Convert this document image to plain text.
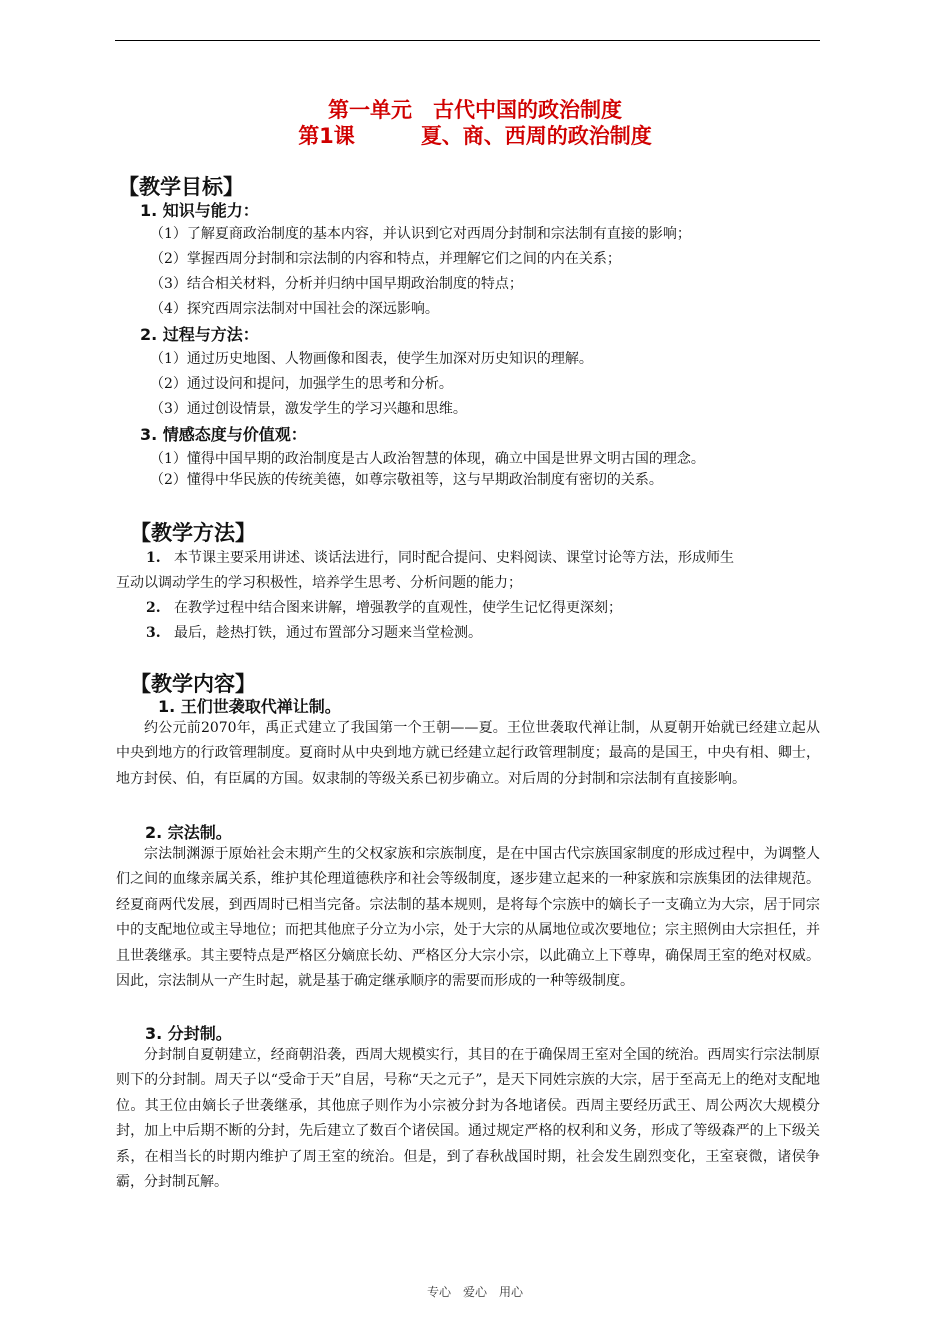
第一单元　古代中国的政治制度
第1课	夏、商、西周的政治制度
【教学目标】
1. 知识与能力：
（1）了解夏商政治制度的基本内容，并认识到它对西周分封制和宗法制有直接的影响；
（2）掌握西周分封制和宗法制的内容和特点，并理解它们之间的内在关系；
（3）结合相关材料，分析并归纳中国早期政治制度的特点；
（4）探究西周宗法制对中国社会的深远影响。
2. 过程与方法：
（1）通过历史地图、人物画像和图表，使学生加深对历史知识的理解。
（2）通过设问和提问，加强学生的思考和分析。
（3）通过创设情景，激发学生的学习兴趣和思维。
3. 情感态度与价值观：
（1）懂得中国早期的政治制度是古人政治智慧的体现，确立中国是世界文明古国的理念。
（2）懂得中华民族的传统美德，如尊宗敬祖等，这与早期政治制度有密切的关系。
【教学方法】
1. 本节课主要采用讲述、谈话法进行，同时配合提问、史料阅读、课堂讨论等方法，形成师生
互动以调动学生的学习积极性，培养学生思考、分析问题的能力；
2. 在教学过程中结合图来讲解，增强教学的直观性，使学生记忆得更深刻；
3. 最后，趁热打铁，通过布置部分习题来当堂检测。
【教学内容】
1. 王们世袭取代禅让制。

约公元前2070年，禹正式建立了我国第一个王朝——夏。王位世袭取代禅让制，从夏朝开始就已经建立起从中央到地方的行政管理制度。夏商时从中央到地方就已经建立起行政管理制度；最高的是国王，中央有相、卿士，地方封侯、伯，有臣属的方国。奴隶制的等级关系已初步确立。对后周的分封制和宗法制有直接影响。

2. 宗法制。

宗法制渊源于原始社会末期产生的父权家族和宗族制度，是在中国古代宗族国家制度的形成过程中，为调整人们之间的血缘亲属关系，维护其伦理道德秩序和社会等级制度，逐步建立起来的一种家族和宗族集团的法律规范。经夏商两代发展，到西周时已相当完备。宗法制的基本规则，是将每个宗族中的嫡长子一支确立为大宗，居于同宗中的支配地位或主导地位；而把其他庶子分立为小宗，处于大宗的从属地位或次要地位；宗主照例由大宗担任，并且世袭继承。其主要特点是严格区分嫡庶长幼、严格区分大宗小宗，以此确立上下尊卑，确保周王室的绝对权威。因此，宗法制从一产生时起，就是基于确定继承顺序的需要而形成的一种等级制度。

3. 分封制。

分封制自夏朝建立，经商朝沿袭，西周大规模实行，其目的在于确保周王室对全国的统治。西周实行宗法制原则下的分封制。周天子以“受命于天”自居，号称“天之元子”，是天下同姓宗族的大宗，居于至高无上的绝对支配地位。其王位由嫡长子世袭继承，其他庶子则作为小宗被分封为各地诸侯。西周主要经历武王、周公两次大规模分封，加上中后期不断的分封，先后建立了数百个诸侯国。通过规定严格的权利和义务，形成了等级森严的上下级关系，在相当长的时期内维护了周王室的统治。但是，到了春秋战国时期，社会发生剧烈变化，王室衰微，诸侯争霸，分封制瓦解。

专心　爱心　用心
